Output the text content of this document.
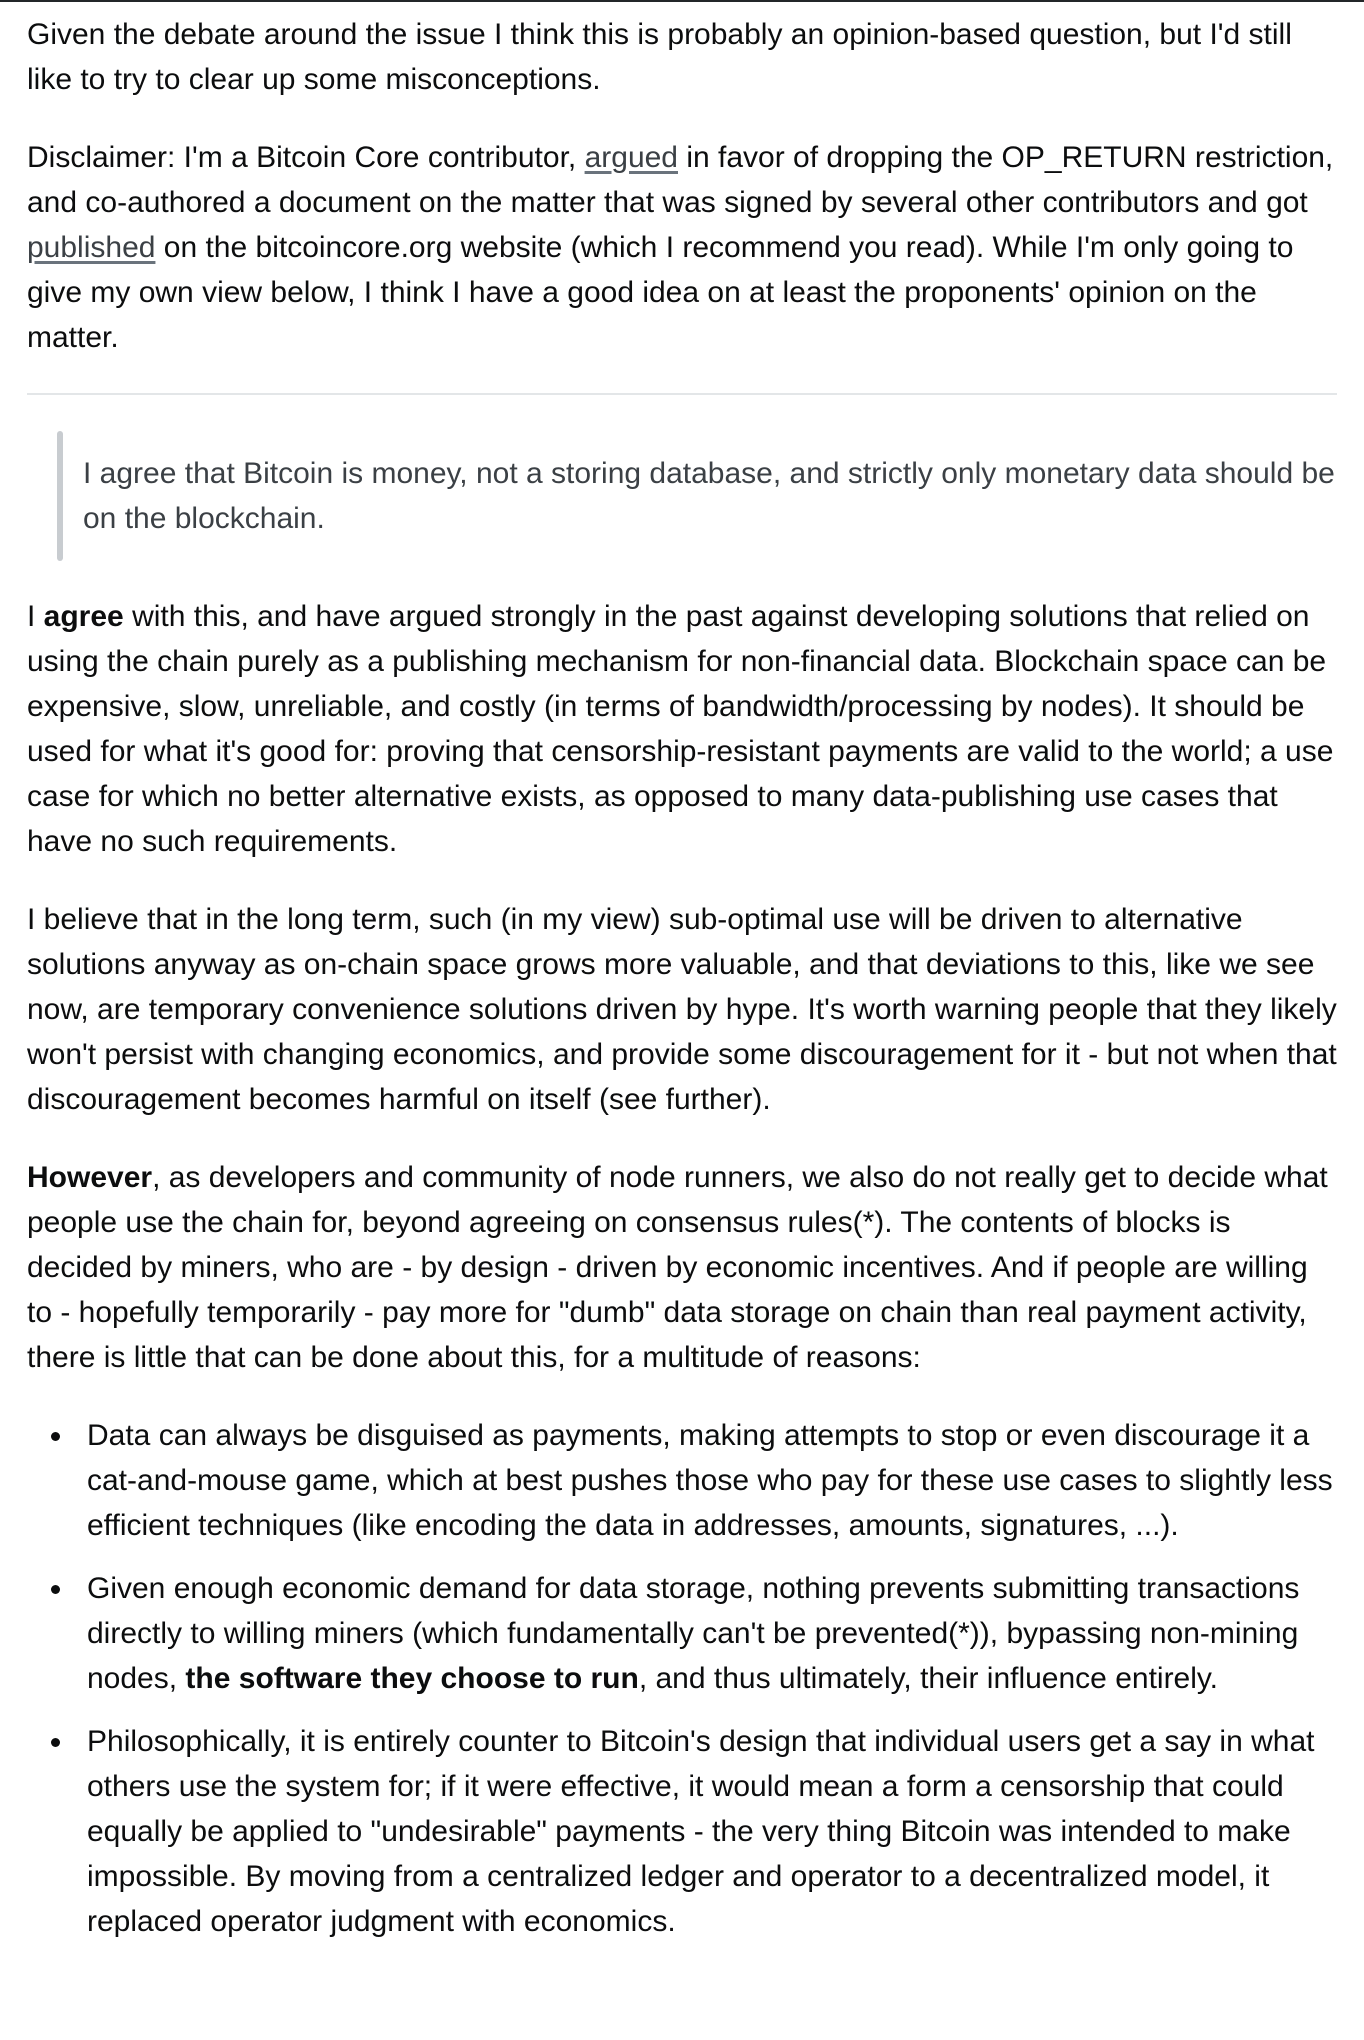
Given the debate around the issue I think this is probably an opinion-based question, but I'd still like to try to clear up some misconceptions.

Disclaimer: I'm a Bitcoin Core contributor, argued in favor of dropping the OP_RETURN restriction, and co-authored a document on the matter that was signed by several other contributors and got published on the bitcoincore.org website (which I recommend you read). While I'm only going to give my own view below, I think I have a good idea on at least the proponents' opinion on the matter.

I agree that Bitcoin is money, not a storing database, and strictly only monetary data should be on the blockchain.

I agree with this, and have argued strongly in the past against developing solutions that relied on using the chain purely as a publishing mechanism for non-financial data. Blockchain space can be expensive, slow, unreliable, and costly (in terms of bandwidth/processing by nodes). It should be used for what it's good for: proving that censorship-resistant payments are valid to the world; a use case for which no better alternative exists, as opposed to many data-publishing use cases that have no such requirements.

I believe that in the long term, such (in my view) sub-optimal use will be driven to alternative solutions anyway as on-chain space grows more valuable, and that deviations to this, like we see now, are temporary convenience solutions driven by hype. It's worth warning people that they likely won't persist with changing economics, and provide some discouragement for it - but not when that discouragement becomes harmful on itself (see further).

However, as developers and community of node runners, we also do not really get to decide what people use the chain for, beyond agreeing on consensus rules(*). The contents of blocks is decided by miners, who are - by design - driven by economic incentives. And if people are willing to - hopefully temporarily - pay more for "dumb" data storage on chain than real payment activity, there is little that can be done about this, for a multitude of reasons:

Data can always be disguised as payments, making attempts to stop or even discourage it a cat-and-mouse game, which at best pushes those who pay for these use cases to slightly less efficient techniques (like encoding the data in addresses, amounts, signatures, ...).
Given enough economic demand for data storage, nothing prevents submitting transactions directly to willing miners (which fundamentally can't be prevented(*)), bypassing non-mining nodes, the software they choose to run, and thus ultimately, their influence entirely.
Philosophically, it is entirely counter to Bitcoin's design that individual users get a say in what others use the system for; if it were effective, it would mean a form a censorship that could equally be applied to "undesirable" payments - the very thing Bitcoin was intended to make impossible. By moving from a centralized ledger and operator to a decentralized model, it replaced operator judgment with economics.
